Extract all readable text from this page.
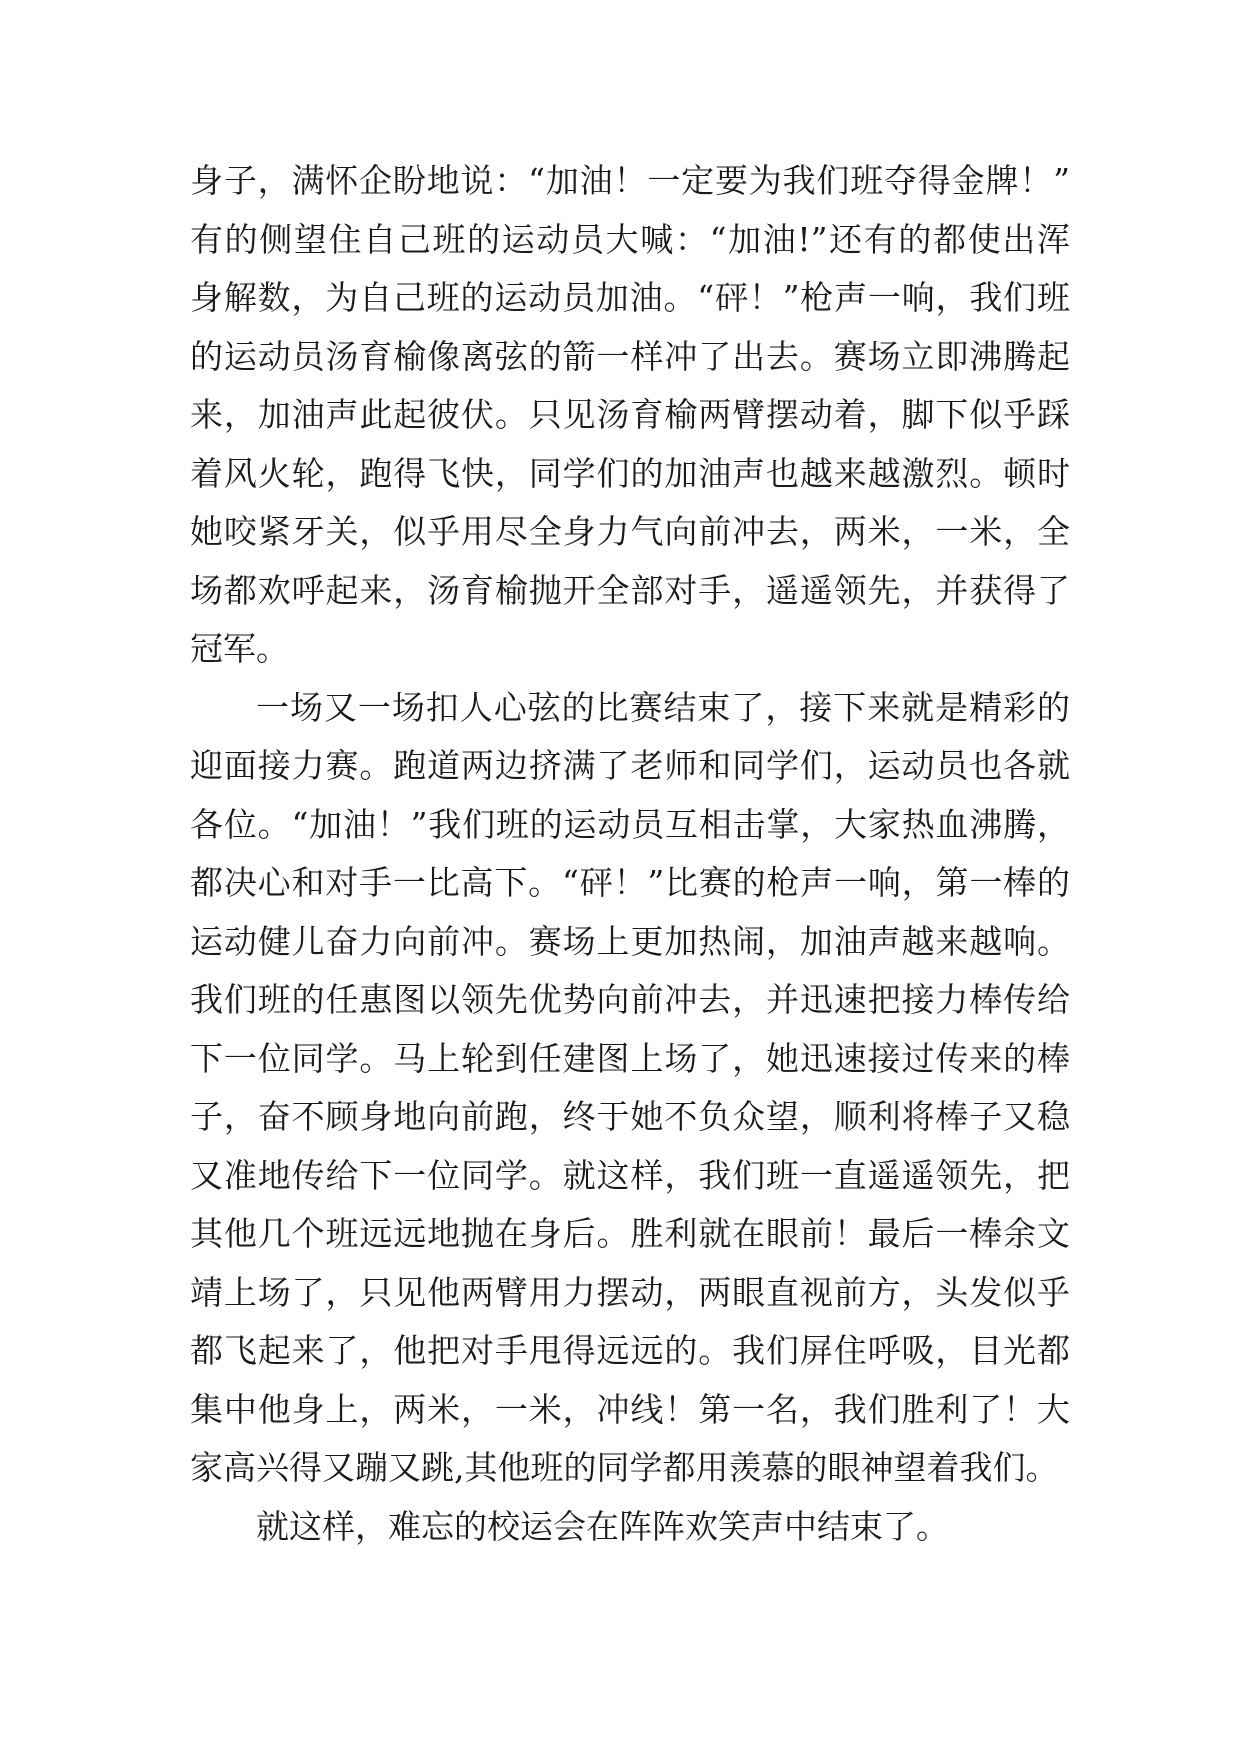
身子，满怀企盼地说：“加油！一定要为我们班夺得金牌！”
有的侧望住自己班的运动员大喊：“加油!”还有的都使出浑
身解数，为自己班的运动员加油。“砰！”枪声一响，我们班
的运动员汤育榆像离弦的箭一样冲了出去。赛场立即沸腾起
来，加油声此起彼伏。只见汤育榆两臂摆动着，脚下似乎踩
着风火轮，跑得飞快，同学们的加油声也越来越激烈。顿时
她咬紧牙关，似乎用尽全身力气向前冲去，两米，一米，全
场都欢呼起来，汤育榆抛开全部对手，遥遥领先，并获得了
冠军。
一场又一场扣人心弦的比赛结束了，接下来就是精彩的
迎面接力赛。跑道两边挤满了老师和同学们，运动员也各就
各位。“加油！”我们班的运动员互相击掌，大家热血沸腾，
都决心和对手一比高下。“砰！”比赛的枪声一响，第一棒的
运动健儿奋力向前冲。赛场上更加热闹，加油声越来越响。
我们班的任惠图以领先优势向前冲去，并迅速把接力棒传给
下一位同学。马上轮到任建图上场了，她迅速接过传来的棒
子，奋不顾身地向前跑，终于她不负众望，顺利将棒子又稳
又准地传给下一位同学。就这样，我们班一直遥遥领先，把
其他几个班远远地抛在身后。胜利就在眼前！最后一棒余文
靖上场了，只见他两臂用力摆动，两眼直视前方，头发似乎
都飞起来了，他把对手甩得远远的。我们屏住呼吸，目光都
集中他身上，两米，一米，冲线！第一名，我们胜利了！大
家高兴得又蹦又跳,其他班的同学都用羡慕的眼神望着我们。
就这样，难忘的校运会在阵阵欢笑声中结束了。
